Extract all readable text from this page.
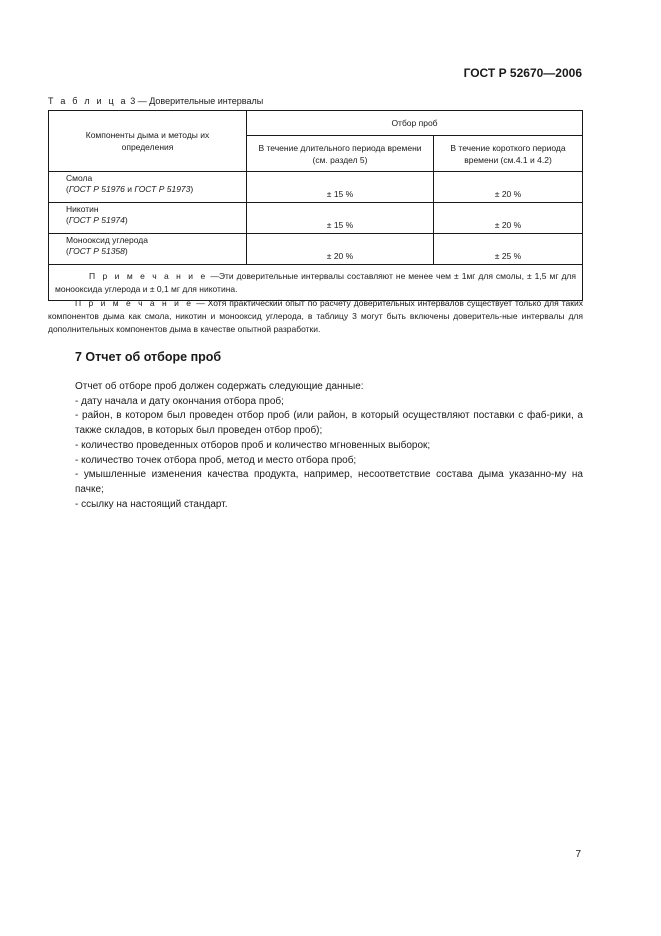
ГОСТ Р 52670—2006
Т а б л и ц а 3 — Доверительные интервалы
Компоненты дыма и методы их определения	Отбор проб	
	В течение длительного периода времени (см. раздел 5)	В течение короткого периода времени (см.4.1 и 4.2)

Смола
(ГОСТ Р 51976 и ГОСТ Р 51973)	± 15 %	± 20 %

Никотин
(ГОСТ Р 51974)	± 15 %	± 20 %

Монооксид углерода
(ГОСТ Р 51358)	± 20 %	± 25 %
П р и м е ч а н и е —Эти доверительные интервалы составляют не менее чем ± 1мг для смолы, ± 1,5 мг для монооксида углерода и ± 0,1 мг для никотина.		
П р и м е ч а н и е — Хотя практический опыт по расчету доверительных интервалов существует только для таких компонентов дыма как смола, никотин и монооксид углерода, в таблицу 3 могут быть включены доверитель-ные интервалы для дополнительных компонентов дыма в качестве опытной разработки.
7 Отчет об отборе проб
Отчет об отборе проб должен содержать следующие данные:
- дату начала и дату окончания отбора проб;
- район, в котором был проведен отбор проб (или район, в который осуществляют поставки с фаб-рики, а также складов, в которых был проведен отбор проб);
- количество проведенных отборов проб и количество мгновенных выборок;
- количество точек отбора проб, метод и место отбора проб;
- умышленные изменения качества продукта, например, несоответствие состава дыма указанно-му на пачке;
- ссылку на настоящий стандарт.
7
